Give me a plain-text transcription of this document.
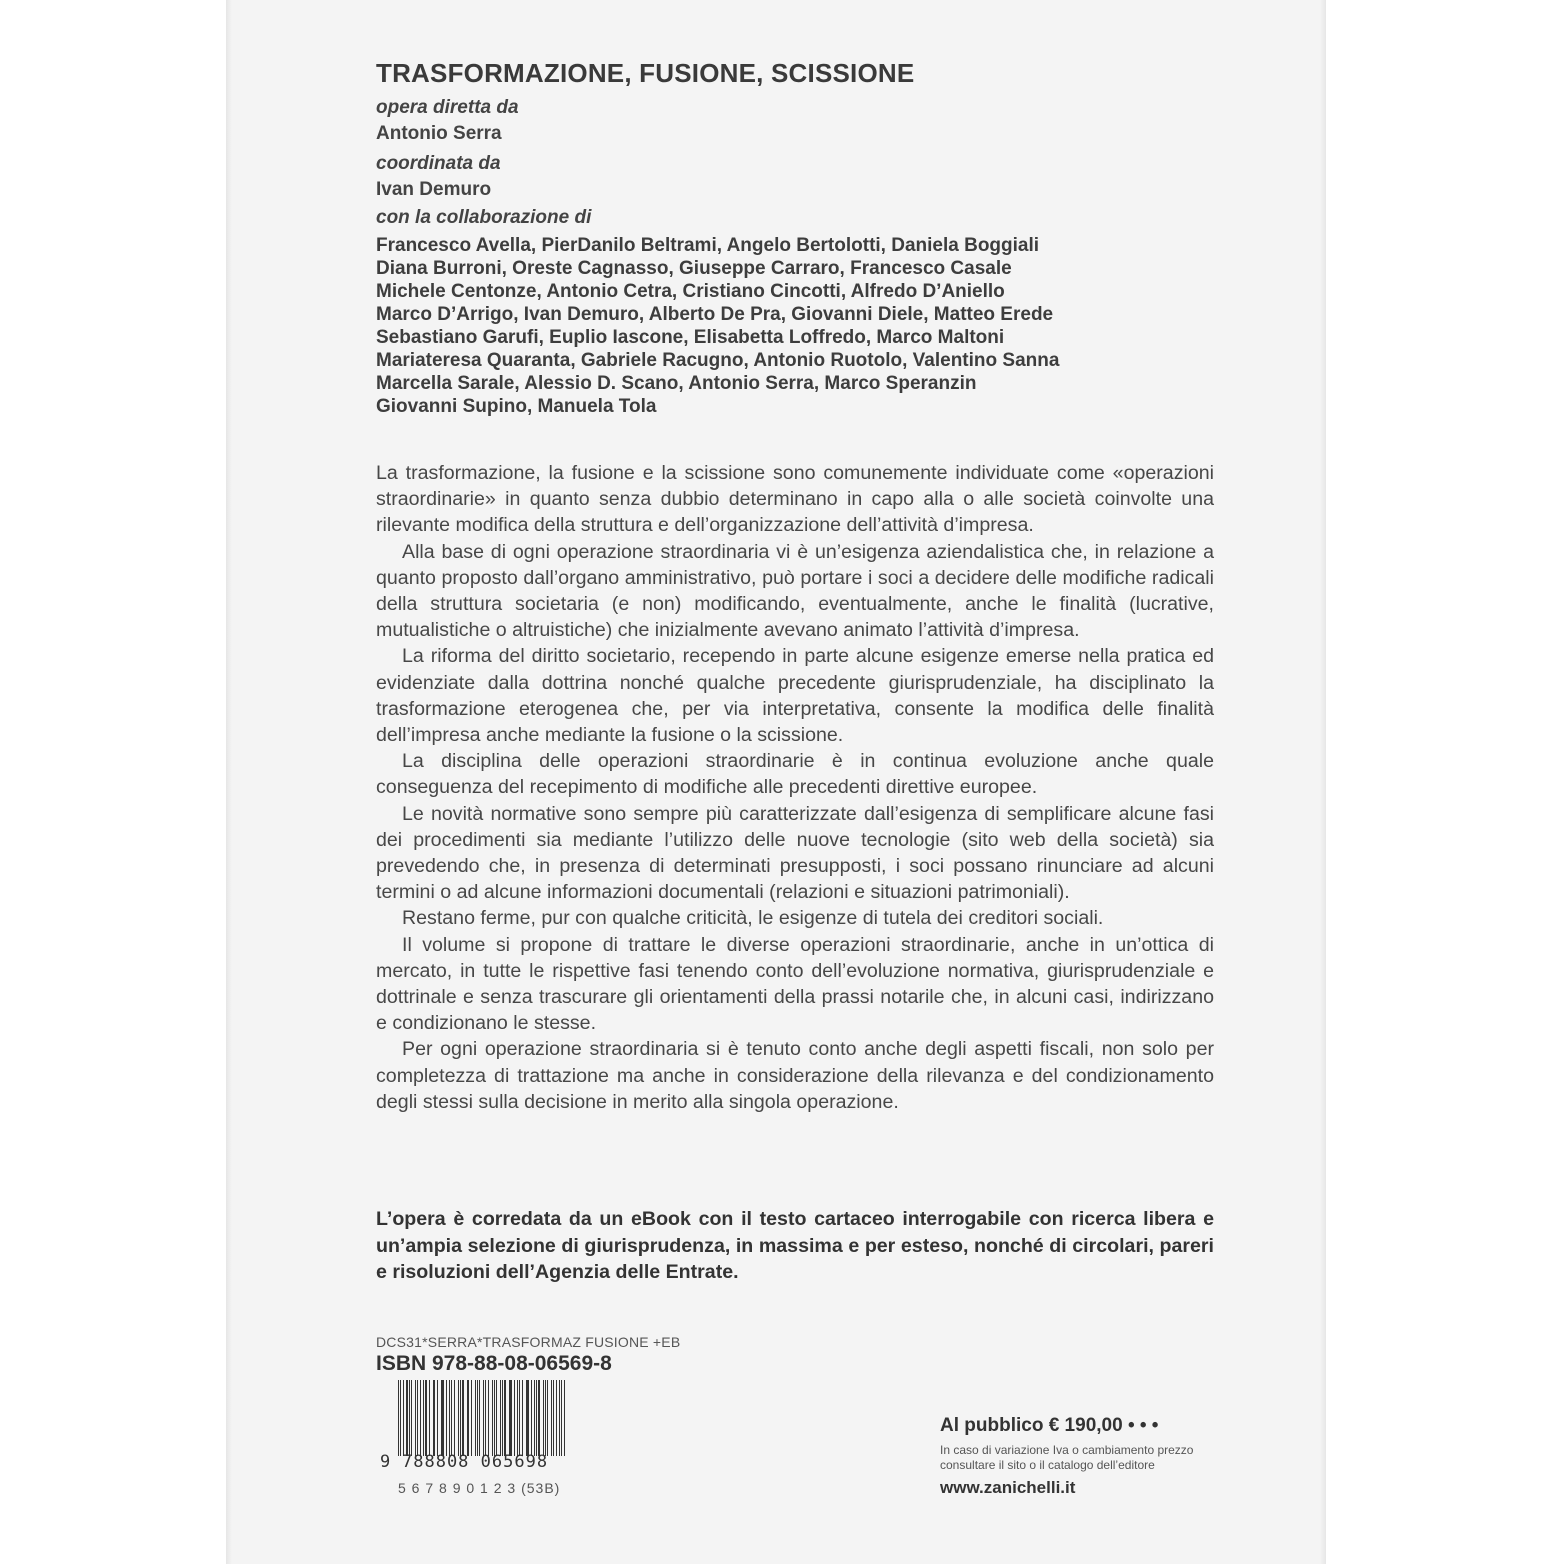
TRASFORMAZIONE, FUSIONE, SCISSIONE
opera diretta da
Antonio Serra
coordinata da
Ivan Demuro
con la collaborazione di
Francesco Avella, PierDanilo Beltrami, Angelo Bertolotti, Daniela Boggiali
Diana Burroni, Oreste Cagnasso, Giuseppe Carraro, Francesco Casale
Michele Centonze, Antonio Cetra, Cristiano Cincotti, Alfredo D’Aniello
Marco D’Arrigo, Ivan Demuro, Alberto De Pra, Giovanni Diele, Matteo Erede
Sebastiano Garufi, Euplio Iascone, Elisabetta Loffredo, Marco Maltoni
Mariateresa Quaranta, Gabriele Racugno, Antonio Ruotolo, Valentino Sanna
Marcella Sarale, Alessio D. Scano, Antonio Serra, Marco Speranzin
Giovanni Supino, Manuela Tola

La trasformazione, la fusione e la scissione sono comunemente individuate come «operazioni straordinarie» in quanto senza dubbio determinano in capo alla o alle società coinvolte una rilevante modifica della struttura e dell’organizzazione dell’attività d’impresa.

Alla base di ogni operazione straordinaria vi è un’esigenza aziendalistica che, in relazione a quanto proposto dall’organo amministrativo, può portare i soci a decidere delle modifiche radicali della struttura societaria (e non) modificando, eventualmente, anche le finalità (lucrative, mutualistiche o altruistiche) che inizialmente avevano animato l’attività d’impresa.

La riforma del diritto societario, recependo in parte alcune esigenze emerse nella pratica ed evidenziate dalla dottrina nonché qualche precedente giurisprudenziale, ha disciplinato la trasformazione eterogenea che, per via interpretativa, consente la modifica delle finalità dell’impresa anche mediante la fusione o la scissione.

La disciplina delle operazioni straordinarie è in continua evoluzione anche quale conseguenza del recepimento di modifiche alle precedenti direttive europee.

Le novità normative sono sempre più caratterizzate dall’esigenza di semplificare alcune fasi dei procedimenti sia mediante l’utilizzo delle nuove tecnologie (sito web della società) sia prevedendo che, in presenza di determinati presupposti, i soci possano rinunciare ad alcuni termini o ad alcune informazioni documentali (relazioni e situazioni patrimoniali).

Restano ferme, pur con qualche criticità, le esigenze di tutela dei creditori sociali.

Il volume si propone di trattare le diverse operazioni straordinarie, anche in un’ottica di mercato, in tutte le rispettive fasi tenendo conto dell’evoluzione normativa, giurisprudenziale e dottrinale e senza trascurare gli orientamenti della prassi notarile che, in alcuni casi, indirizzano e condizionano le stesse.

Per ogni operazione straordinaria si è tenuto conto anche degli aspetti fiscali, non solo per completezza di trattazione ma anche in considerazione della rilevanza e del condizionamento degli stessi sulla decisione in merito alla singola operazione.

L’opera è corredata da un eBook con il testo cartaceo interrogabile con ricerca libera e un’ampia selezione di giurisprudenza, in massima e per esteso, nonché di circolari, pareri e risoluzioni dell’Agenzia delle Entrate.
DCS31*SERRA*TRASFORMAZ FUSIONE +EB
ISBN 978-88-08-06569-8
9 788808 065698
5 6 7 8 9 0 1 2 3 (53B)
Al pubblico € 190,00 • • •
In caso di variazione Iva o cambiamento prezzo
consultare il sito o il catalogo dell’editore
www.zanichelli.it
